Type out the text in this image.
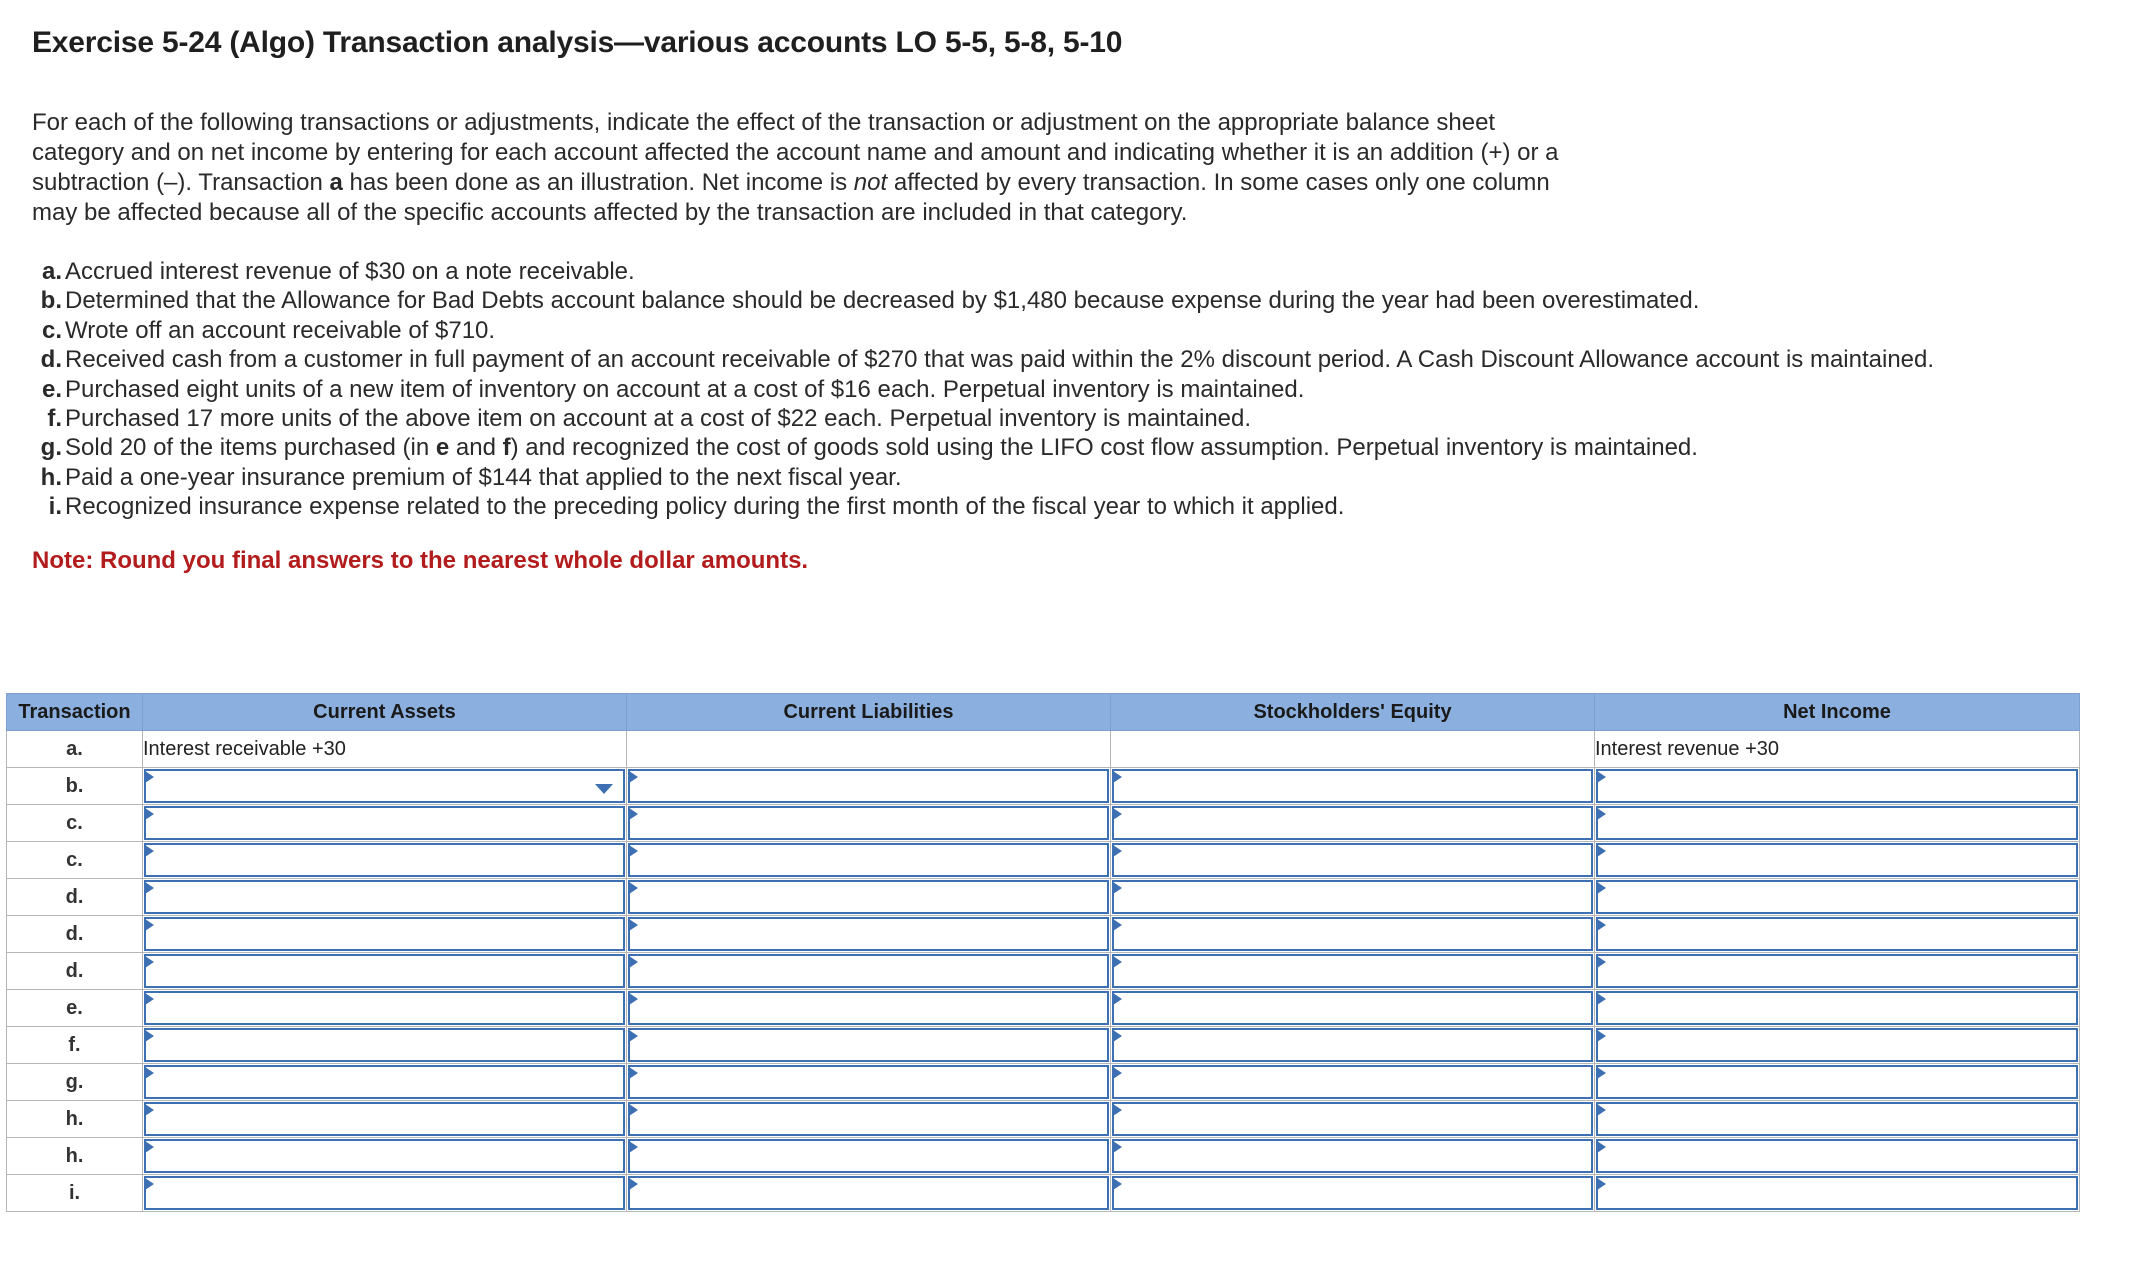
Exercise 5-24 (Algo) Transaction analysis—various accounts LO 5-5, 5-8, 5-10
For each of the following transactions or adjustments, indicate the effect of the transaction or adjustment on the appropriate balance sheet category and on net income by entering for each account affected the account name and amount and indicating whether it is an addition (+) or a subtraction (–). Transaction a has been done as an illustration. Net income is not affected by every transaction. In some cases only one column may be affected because all of the specific accounts affected by the transaction are included in that category.
a. Accrued interest revenue of $30 on a note receivable.
b. Determined that the Allowance for Bad Debts account balance should be decreased by $1,480 because expense during the year had been overestimated.
c. Wrote off an account receivable of $710.
d. Received cash from a customer in full payment of an account receivable of $270 that was paid within the 2% discount period. A Cash Discount Allowance account is maintained.
e. Purchased eight units of a new item of inventory on account at a cost of $16 each. Perpetual inventory is maintained.
f. Purchased 17 more units of the above item on account at a cost of $22 each. Perpetual inventory is maintained.
g. Sold 20 of the items purchased (in e and f) and recognized the cost of goods sold using the LIFO cost flow assumption. Perpetual inventory is maintained.
h. Paid a one-year insurance premium of $144 that applied to the next fiscal year.
i. Recognized insurance expense related to the preceding policy during the first month of the fiscal year to which it applied.
Note: Round you final answers to the nearest whole dollar amounts.
Transaction	Current Assets	Current Liabilities	Stockholders' Equity	Net Income
a.	Interest receivable +30			Interest revenue +30
b.	

c.	

c.	

d.	

d.	

d.	

e.	

f.	

g.	

h.	

h.	

i.	
